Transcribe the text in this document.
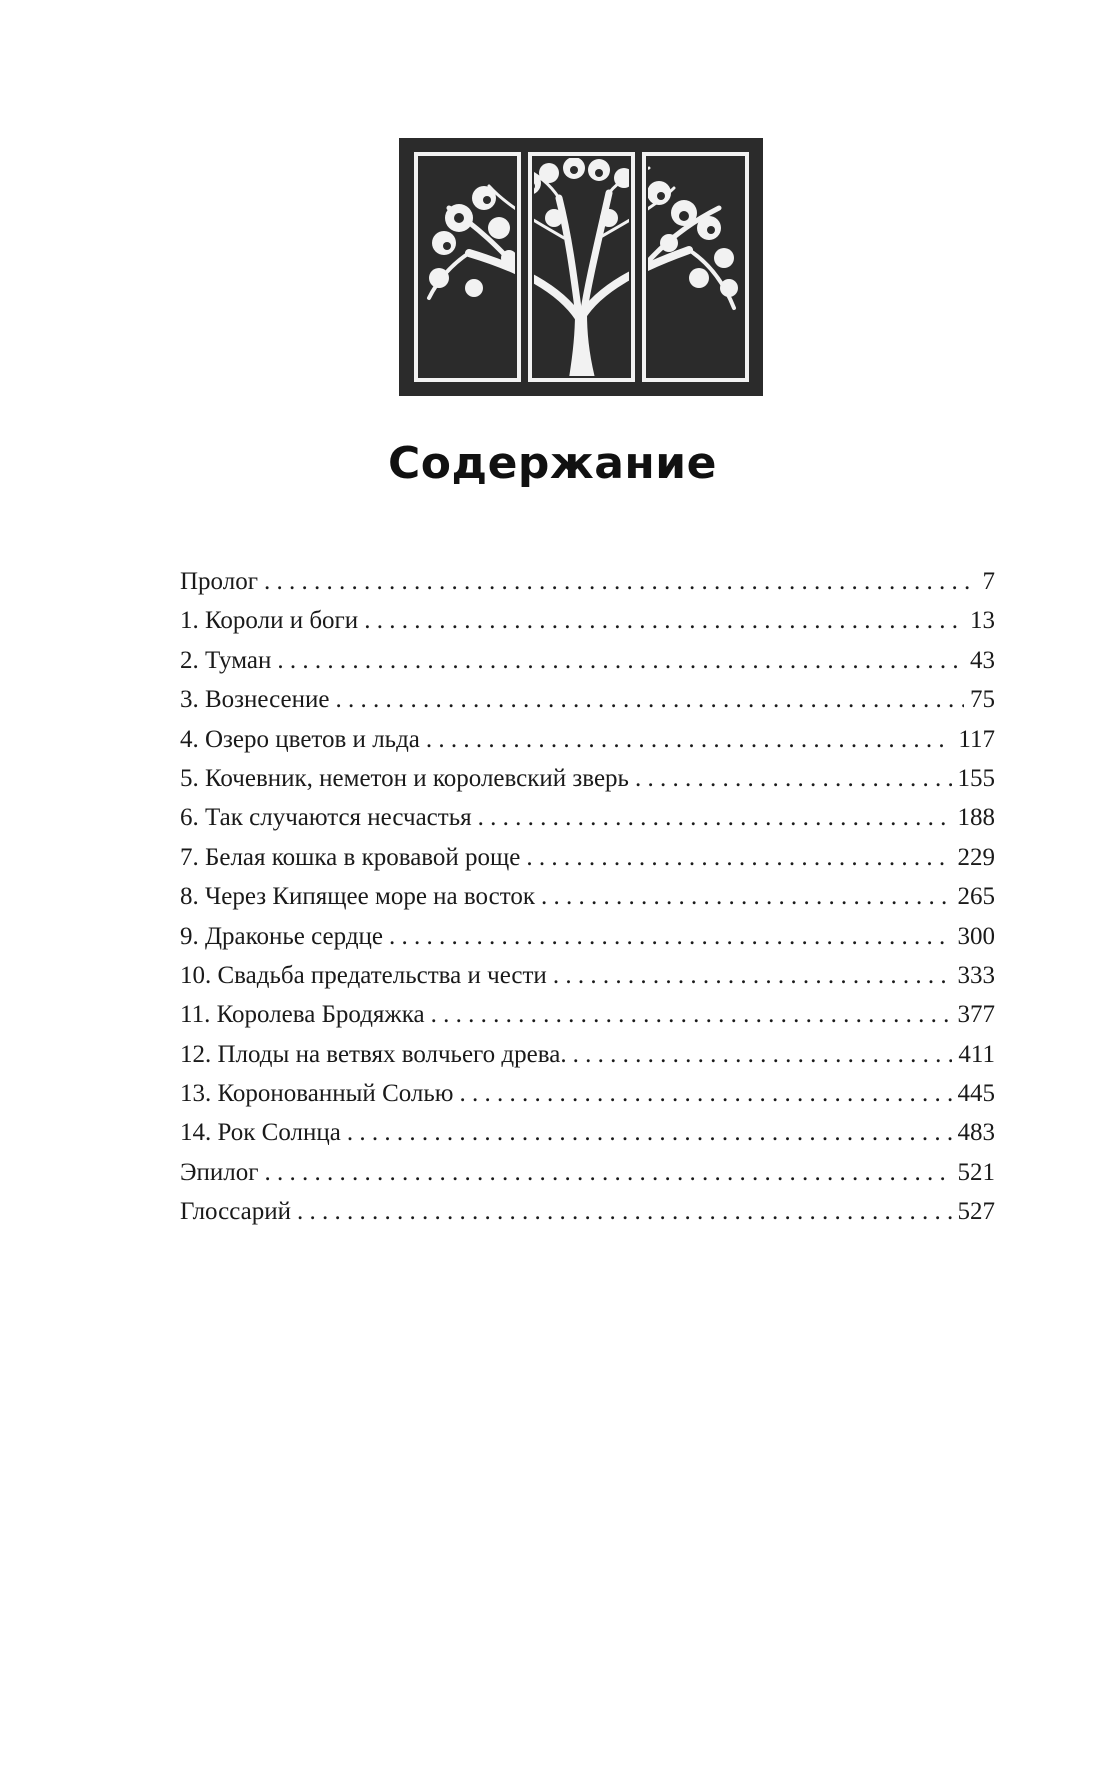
Содержание
Пролог . . .	7
1. Короли и боги . . .	13
2. Туман . . .	43
3. Вознесение . . .	75
4. Озеро цветов и льда . . .	117
5. Кочевник, неметон и королевский зверь . . .	155
6. Так случаются несчастья . . .	188
7. Белая кошка в кровавой роще . . .	229
8. Через Кипящее море на восток . . .	265
9. Драконье сердце . . .	300
10. Свадьба предательства и чести . . .	333
11. Королева Бродяжка . . .	377
12. Плоды на ветвях волчьего древа. . . .	411
13. Коронованный Солью . . .	445
14. Рок Солнца . . .	483
Эпилог . . .	521
Глоссарий . . .	527
